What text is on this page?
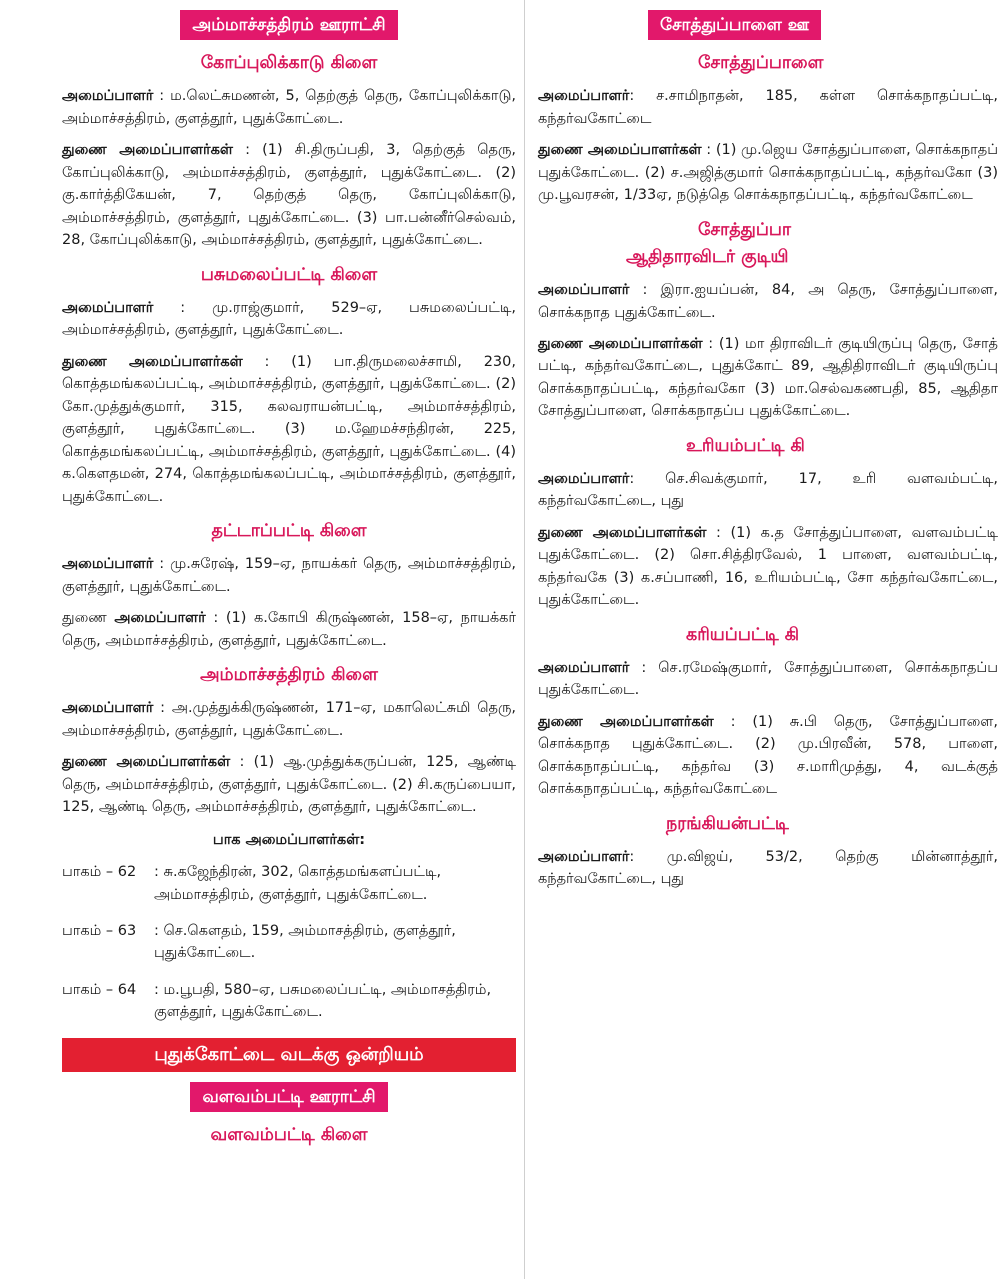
அம்மாச்சத்திரம் ஊராட்சி
கோப்புலிக்காடு கிளை

அமைப்பாளர் : ம.லெட்சுமணன், 5, தெற்குத் தெரு, கோப்புலிக்காடு, அம்மாச்சத்திரம், குளத்தூர், புதுக்கோட்டை.

துணை அமைப்பாளர்கள் : (1) சி.திருப்பதி, 3, தெற்குத் தெரு, கோப்புலிக்காடு, அம்மாச்சத்திரம், குளத்தூர், புதுக்கோட்டை. (2) கு.கார்த்திகேயன், 7, தெற்குத் தெரு, கோப்புலிக்காடு, அம்மாச்சத்திரம், குளத்தூர், புதுக்கோட்டை. (3) பா.பன்னீர்செல்வம், 28, கோப்புலிக்காடு, அம்மாச்சத்திரம், குளத்தூர், புதுக்கோட்டை.

பசுமலைப்பட்டி கிளை

அமைப்பாளர் : மு.ராஜ்குமார், 529–ஏ, பசுமலைப்பட்டி, அம்மாச்சத்திரம், குளத்தூர், புதுக்கோட்டை.

துணை அமைப்பாளர்கள் : (1) பா.திருமலைச்சாமி, 230, கொத்தமங்கலப்பட்டி, அம்மாச்சத்திரம், குளத்தூர், புதுக்கோட்டை. (2) கோ.முத்துக்குமார், 315, கலவராயன்பட்டி, அம்மாச்சத்திரம், குளத்தூர், புதுக்கோட்டை. (3) ம.ஹேமச்சந்திரன், 225, கொத்தமங்கலப்பட்டி, அம்மாச்சத்திரம், குளத்தூர், புதுக்கோட்டை. (4) க.கௌதமன், 274, கொத்தமங்கலப்பட்டி, அம்மாச்சத்திரம், குளத்தூர், புதுக்கோட்டை.

தட்டாப்பட்டி கிளை

அமைப்பாளர் : மு.சுரேஷ், 159–ஏ, நாயக்கர் தெரு, அம்மாச்சத்திரம், குளத்தூர், புதுக்கோட்டை.

துணை அமைப்பாளர் : (1) க.கோபி கிருஷ்ணன், 158–ஏ, நாயக்கர் தெரு, அம்மாச்சத்திரம், குளத்தூர், புதுக்கோட்டை.

அம்மாச்சத்திரம் கிளை

அமைப்பாளர் : அ.முத்துக்கிருஷ்ணன், 171–ஏ, மகாலெட்சுமி தெரு, அம்மாச்சத்திரம், குளத்தூர், புதுக்கோட்டை.

துணை அமைப்பாளர்கள் : (1) ஆ.முத்துக்கருப்பன், 125, ஆண்டி தெரு, அம்மாச்சத்திரம், குளத்தூர், புதுக்கோட்டை. (2) சி.கருப்பையா, 125, ஆண்டி தெரு, அம்மாச்சத்திரம், குளத்தூர், புதுக்கோட்டை.

பாக அமைப்பாளர்கள்:
பாகம் – 62	: சு.கஜேந்திரன், 302, கொத்தமங்களப்பட்டி, அம்மாசத்திரம், குளத்தூர், புதுக்கோட்டை.
பாகம் – 63	: செ.கௌதம், 159, அம்மாசத்திரம், குளத்தூர், புதுக்கோட்டை.
பாகம் – 64	: ம.பூபதி, 580–ஏ, பசுமலைப்பட்டி, அம்மாசத்திரம், குளத்தூர், புதுக்கோட்டை.
புதுக்கோட்டை வடக்கு ஒன்றியம்
வளவம்பட்டி ஊராட்சி
வளவம்பட்டி கிளை
சோத்துப்பாளை ஊ
சோத்துப்பாளை

அமைப்பாளர்: ச.சாமிநாதன், 185, கள்ள சொக்கநாதப்பட்டி, கந்தர்வகோட்டை

துணை அமைப்பாளர்கள் : (1) மு.ஜெய சோத்துப்பாளை, சொக்கநாதப் புதுக்கோட்டை. (2) ச.அஜித்குமார் சொக்கநாதப்பட்டி, கந்தர்வகோ (3) மு.பூவரசன், 1/33ஏ, நடுத்தெ சொக்கநாதப்பட்டி, கந்தர்வகோட்டை

சோத்துப்பா
ஆதிதாரவிடர் குடியி

அமைப்பாளர் : இரா.ஐயப்பன், 84, அ தெரு, சோத்துப்பாளை, சொக்கநாத புதுக்கோட்டை.

துணை அமைப்பாளர்கள் : (1) மா திராவிடர் குடியிருப்பு தெரு, சோத் பட்டி, கந்தர்வகோட்டை, புதுக்கோட் 89, ஆதிதிராவிடர் குடியிருப்பு சொக்கநாதப்பட்டி, கந்தர்வகோ (3) மா.செல்வகணபதி, 85, ஆதிதா சோத்துப்பாளை, சொக்கநாதப்ப புதுக்கோட்டை.

உரியம்பட்டி கி

அமைப்பாளர்: செ.சிவக்குமார், 17, உரி வளவம்பட்டி, கந்தர்வகோட்டை, புது

துணை அமைப்பாளர்கள் : (1) க.த சோத்துப்பாளை, வளவம்பட்டி புதுக்கோட்டை. (2) சொ.சித்திரவேல், 1 பாளை, வளவம்பட்டி, கந்தர்வகே (3) க.சப்பாணி, 16, உரியம்பட்டி, சோ கந்தர்வகோட்டை, புதுக்கோட்டை.

கரியப்பட்டி கி

அமைப்பாளர் : செ.ரமேஷ்குமார், சோத்துப்பாளை, சொக்கநாதப்ப புதுக்கோட்டை.

துணை அமைப்பாளர்கள் : (1) சு.பி தெரு, சோத்துப்பாளை, சொக்கநாத புதுக்கோட்டை. (2) மு.பிரவீன், 578, பாளை, சொக்கநாதப்பட்டி, கந்தர்வ (3) ச.மாரிமுத்து, 4, வடக்குத் சொக்கநாதப்பட்டி, கந்தர்வகோட்டை

நரங்கியன்பட்டி

அமைப்பாளர்: மு.விஜய், 53/2, தெற்கு மின்னாத்தூர், கந்தர்வகோட்டை, புது
